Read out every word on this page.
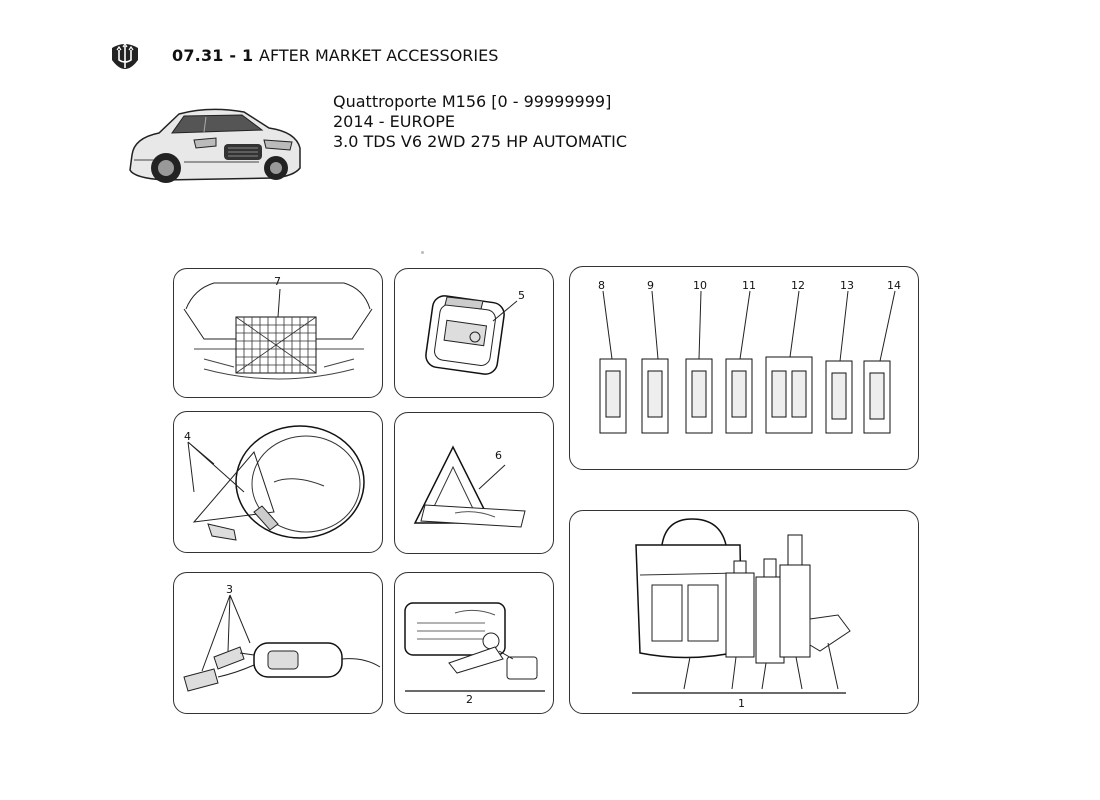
07.31 - 1 AFTER MARKET ACCESSORIES
Quattroporte M156 [0 - 99999999]
2014 - EUROPE
3.0 TDS V6 2WD 275 HP AUTOMATIC
7
5
8	9	10	11	12	13	14
4
6
3
2	1
